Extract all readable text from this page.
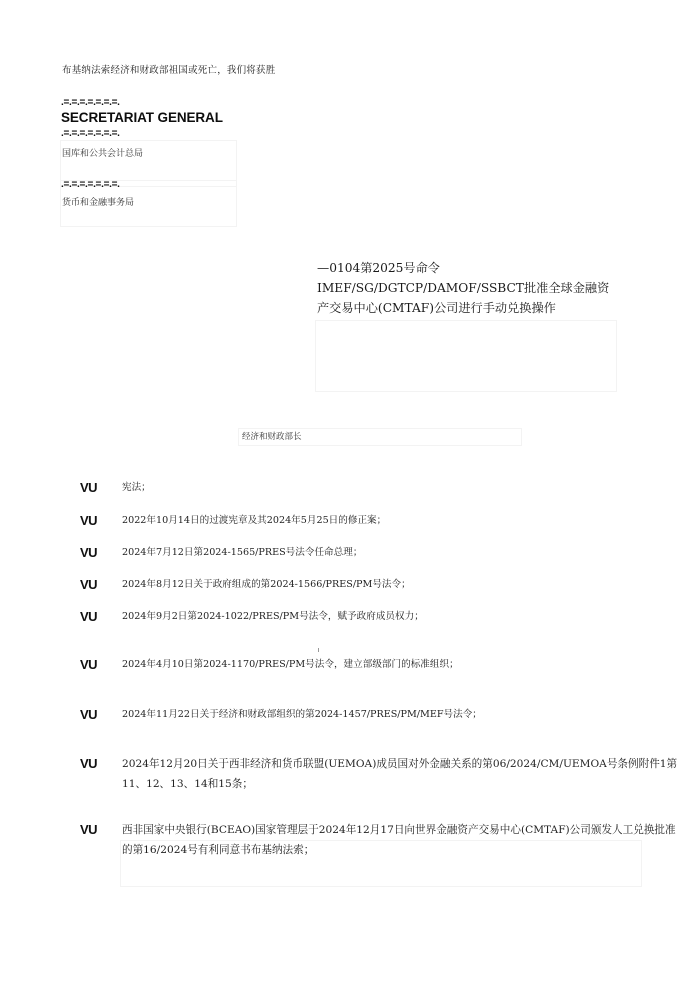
布基纳法索经济和财政部祖国或死亡，我们将获胜
.=.=.=.=.=.=.=.
SECRETARIAT GENERAL
.=.=.=.=.=.=.=.
国库和公共会计总局
.=.=.=.=.=.=.=.
货币和金融事务局
—0104第2025号命令IMEF/SG/DGTCP/DAMOF/SSBCT批准全球金融资产交易中心(CMTAF)公司进行手动兑换操作
经济和财政部长
VU	宪法；
VU	2022年10月14日的过渡宪章及其2024年5月25日的修正案；
VU	2024年7月12日第2024-1565/PRES号法令任命总理；
VU	2024年8月12日关于政府组成的第2024-1566/PRES/PM号法令；
VU	2024年9月2日第2024-1022/PRES/PM号法令，赋予政府成员权力；
VU	2024年4月10日第2024-1170/PRES/PM号法令，建立部级部门的标准组织；
VU	2024年11月22日关于经济和财政部组织的第2024-1457/PRES/PM/MEF号法令；
VU	2024年12月20日关于西非经济和货币联盟(UEMOA)成员国对外金融关系的第06/2024/CM/UEMOA号条例附件1第11、12、13、14和15条；
VU	西非国家中央银行(BCEAO)国家管理层于2024年12月17日向世界金融资产交易中心(CMTAF)公司颁发人工兑换批准的第16/2024号有利同意书布基纳法索；
